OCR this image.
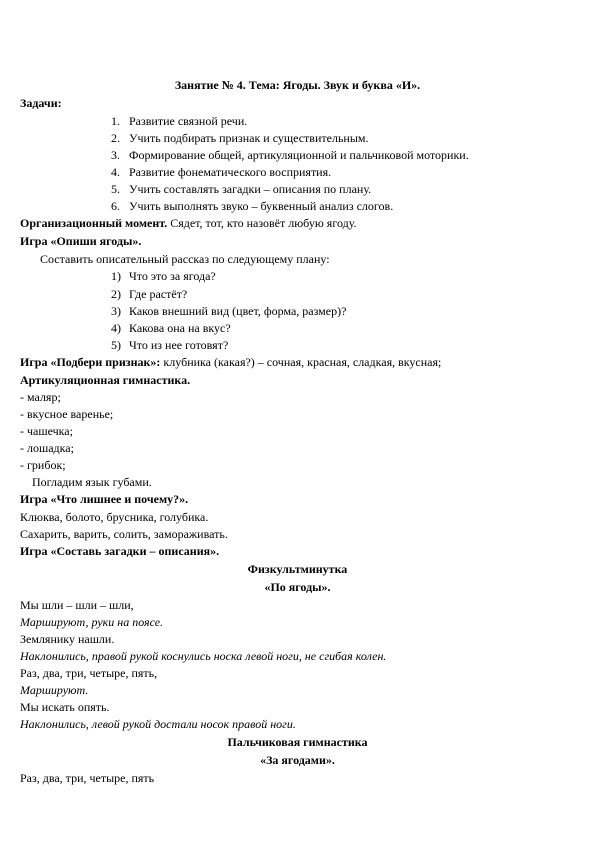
Занятие № 4. Тема: Ягоды. Звук и буква «И».
Задачи:
1. Развитие связной речи.
2. Учить подбирать признак и существительным.
3. Формирование общей, артикуляционной и пальчиковой моторики.
4. Развитие фонематического восприятия.
5. Учить составлять загадки – описания по плану.
6. Учить выполнять звуко – буквенный анализ слогов.
Организационный момент. Сядет, тот, кто назовёт любую ягоду.
Игра «Опиши ягоды».
Составить описательный рассказ по следующему плану:
1) Что это за ягода?
2) Где растёт?
3) Каков внешний вид (цвет, форма, размер)?
4) Какова она на вкус?
5) Что из нее готовят?
Игра «Подбери признак»: клубника (какая?) – сочная, красная, сладкая, вкусная;
Артикуляционная гимнастика.
- маляр;
- вкусное варенье;
- чашечка;
- лошадка;
- грибок;
Погладим язык губами.
Игра «Что лишнее и почему?».
Клюква, болото, брусника, голубика.
Сахарить, варить, солить, замораживать.
Игра «Составь загадки – описания».
Физкультминутка
«По ягоды».
Мы шли – шли – шли,
Маршируют, руки на поясе.
Землянику нашли.
Наклонились, правой рукой коснулись носка левой ноги, не сгибая колен.
Раз, два, три, четыре, пять,
Маршируют.
Мы искать опять.
Наклонились, левой рукой достали носок правой ноги.
Пальчиковая гимнастика
«За ягодами».
Раз, два, три, четыре, пять
